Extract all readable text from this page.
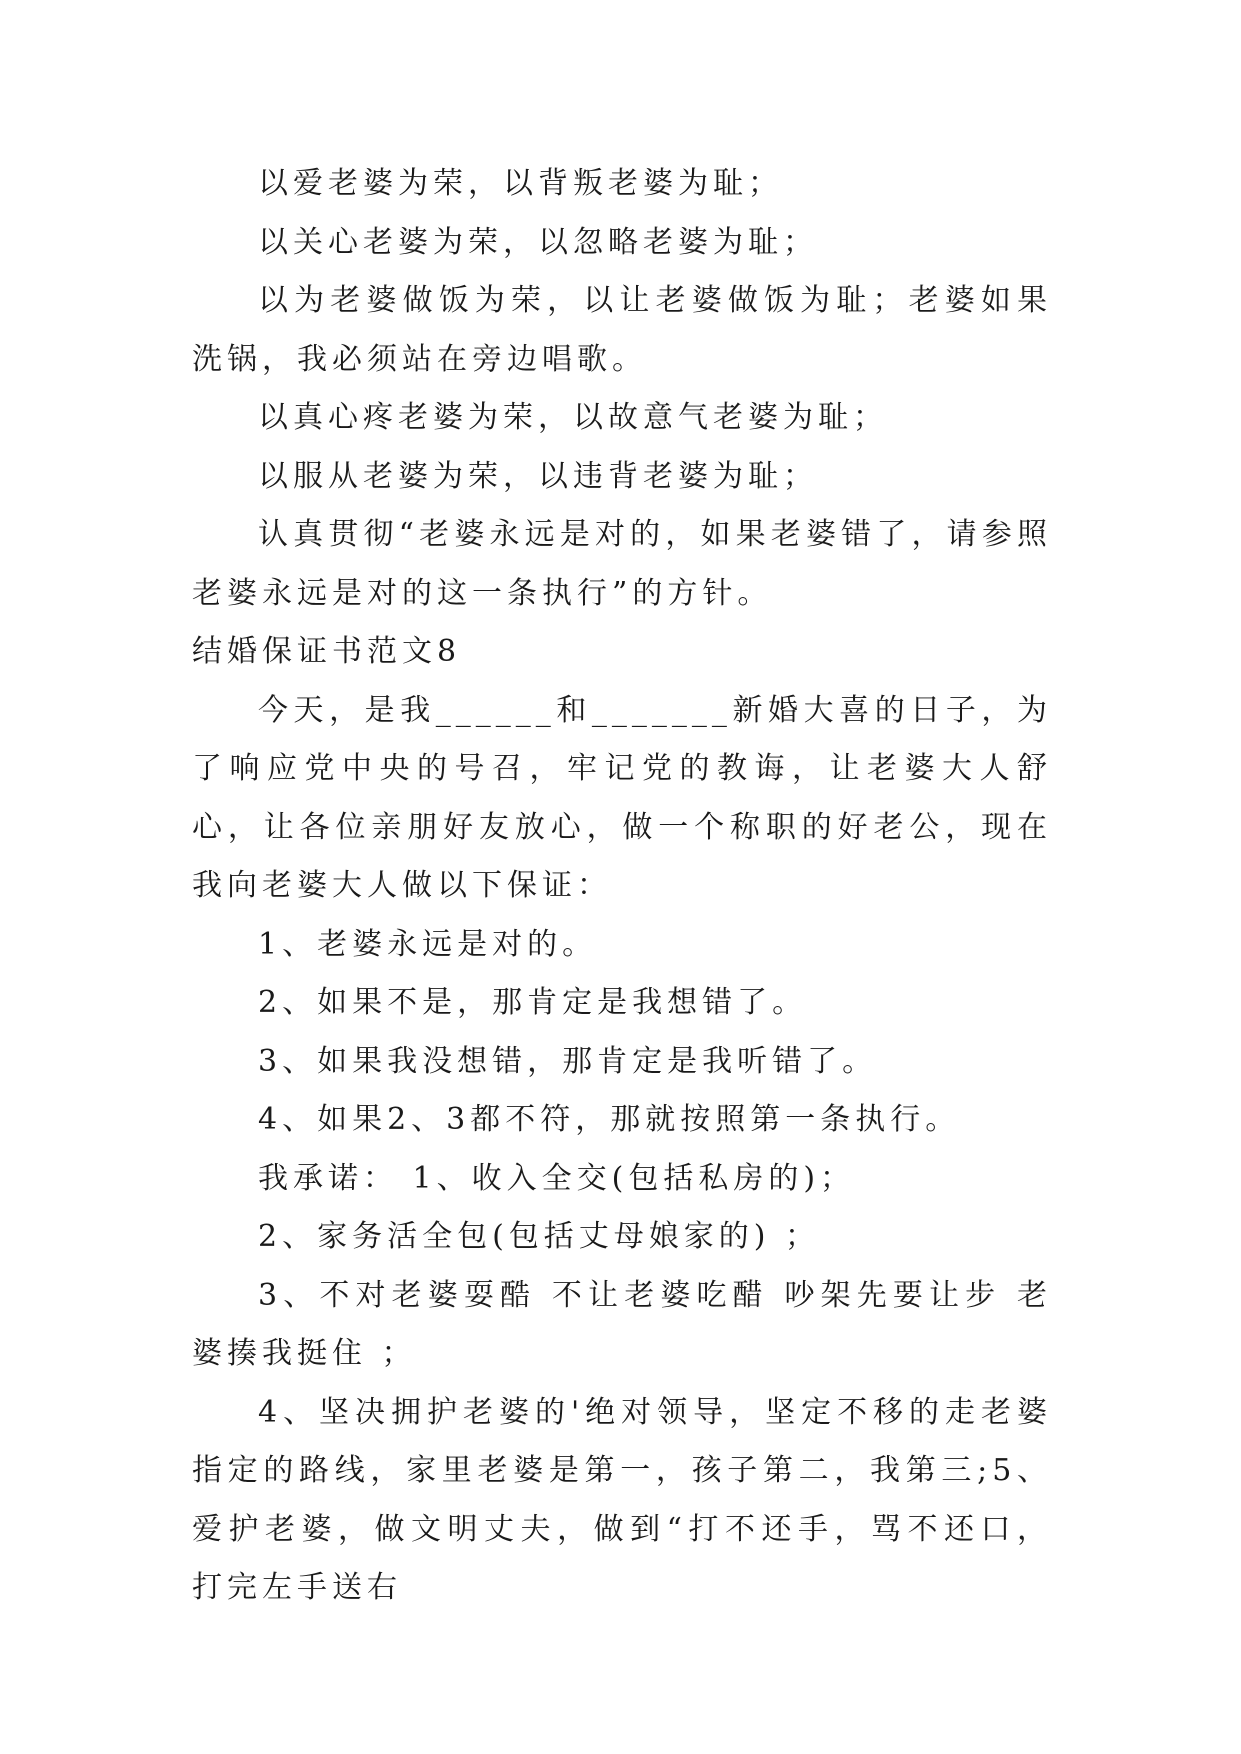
以爱老婆为荣，以背叛老婆为耻；

以关心老婆为荣，以忽略老婆为耻；

以为老婆做饭为荣，以让老婆做饭为耻；老婆如果洗锅，我必须站在旁边唱歌。

以真心疼老婆为荣，以故意气老婆为耻；

以服从老婆为荣，以违背老婆为耻；

认真贯彻“老婆永远是对的，如果老婆错了，请参照老婆永远是对的这一条执行”的方针。

结婚保证书范文8

今天，是我______和_______新婚大喜的日子，为了响应党中央的号召，牢记党的教诲，让老婆大人舒心，让各位亲朋好友放心，做一个称职的好老公，现在我向老婆大人做以下保证：

1、老婆永远是对的。

2、如果不是，那肯定是我想错了。

3、如果我没想错，那肯定是我听错了。

4、如果2、3都不符，那就按照第一条执行。

我承诺： 1、收入全交(包括私房的)；

2、家务活全包(包括丈母娘家的) ；

3、不对老婆耍酷 不让老婆吃醋 吵架先要让步 老婆揍我挺住 ；

4、坚决拥护老婆的'绝对领导，坚定不移的走老婆指定的路线，家里老婆是第一，孩子第二，我第三;5、爱护老婆，做文明丈夫，做到“打不还手，骂不还口，打完左手送右
